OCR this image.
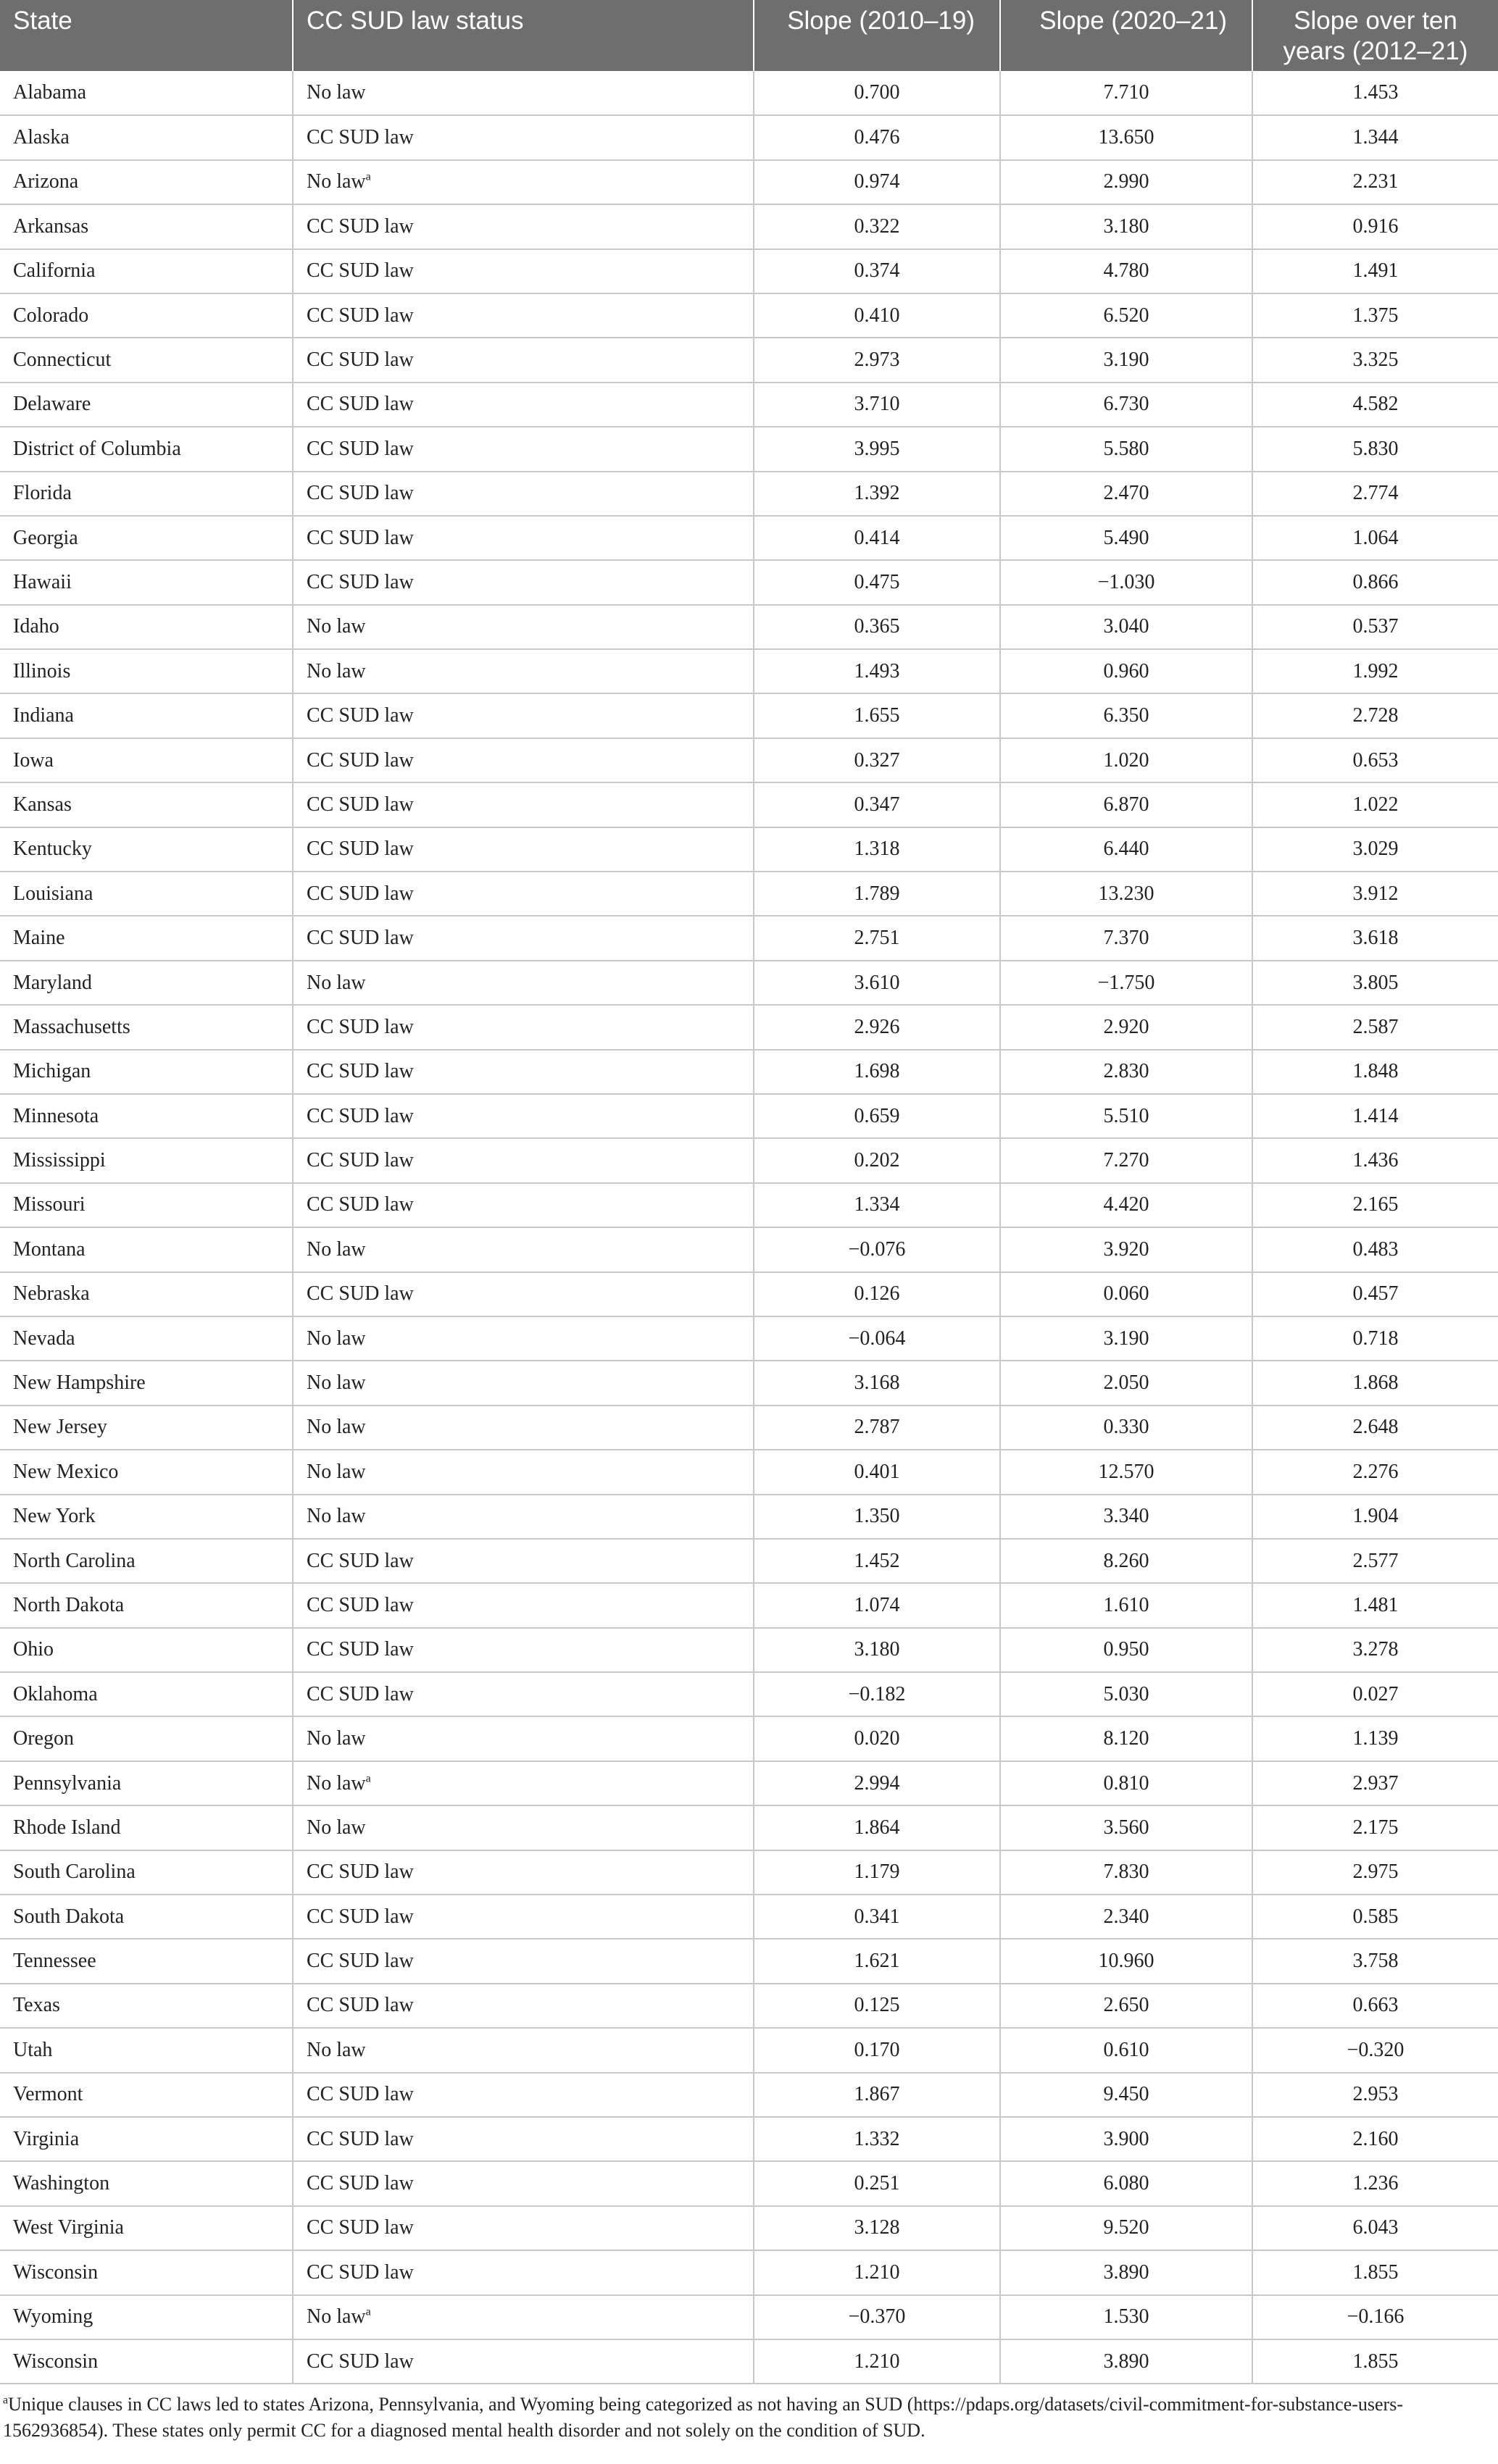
State	CC SUD law status	Slope (2010–19)	Slope (2020–21)	Slope over ten years (2012–21)
Alabama	No law	0.700	7.710	1.453
Alaska	CC SUD law	0.476	13.650	1.344
Arizona	No law$^a$	0.974	2.990	2.231
Arkansas	CC SUD law	0.322	3.180	0.916
California	CC SUD law	0.374	4.780	1.491
Colorado	CC SUD law	0.410	6.520	1.375
Connecticut	CC SUD law	2.973	3.190	3.325
Delaware	CC SUD law	3.710	6.730	4.582
District of Columbia	CC SUD law	3.995	5.580	5.830
Florida	CC SUD law	1.392	2.470	2.774
Georgia	CC SUD law	0.414	5.490	1.064
Hawaii	CC SUD law	0.475	−1.030	0.866
Idaho	No law	0.365	3.040	0.537
Illinois	No law	1.493	0.960	1.992
Indiana	CC SUD law	1.655	6.350	2.728
Iowa	CC SUD law	0.327	1.020	0.653
Kansas	CC SUD law	0.347	6.870	1.022
Kentucky	CC SUD law	1.318	6.440	3.029
Louisiana	CC SUD law	1.789	13.230	3.912
Maine	CC SUD law	2.751	7.370	3.618
Maryland	No law	3.610	−1.750	3.805
Massachusetts	CC SUD law	2.926	2.920	2.587
Michigan	CC SUD law	1.698	2.830	1.848
Minnesota	CC SUD law	0.659	5.510	1.414
Mississippi	CC SUD law	0.202	7.270	1.436
Missouri	CC SUD law	1.334	4.420	2.165
Montana	No law	−0.076	3.920	0.483
Nebraska	CC SUD law	0.126	0.060	0.457
Nevada	No law	−0.064	3.190	0.718
New Hampshire	No law	3.168	2.050	1.868
New Jersey	No law	2.787	0.330	2.648
New Mexico	No law	0.401	12.570	2.276
New York	No law	1.350	3.340	1.904
North Carolina	CC SUD law	1.452	8.260	2.577
North Dakota	CC SUD law	1.074	1.610	1.481
Ohio	CC SUD law	3.180	0.950	3.278
Oklahoma	CC SUD law	−0.182	5.030	0.027
Oregon	No law	0.020	8.120	1.139
Pennsylvania	No law$^a$	2.994	0.810	2.937
Rhode Island	No law	1.864	3.560	2.175
South Carolina	CC SUD law	1.179	7.830	2.975
South Dakota	CC SUD law	0.341	2.340	0.585
Tennessee	CC SUD law	1.621	10.960	3.758
Texas	CC SUD law	0.125	2.650	0.663
Utah	No law	0.170	0.610	−0.320
Vermont	CC SUD law	1.867	9.450	2.953
Virginia	CC SUD law	1.332	3.900	2.160
Washington	CC SUD law	0.251	6.080	1.236
West Virginia	CC SUD law	3.128	9.520	6.043
Wisconsin	CC SUD law	1.210	3.890	1.855
Wyoming	No law$^a$	−0.370	1.530	−0.166
Wisconsin	CC SUD law	1.210	3.890	1.855
$^a$Unique clauses in CC laws led to states Arizona, Pennsylvania, and Wyoming being categorized as not having an SUD (https://pdaps.org/datasets/civil-commitment-for-substance-users-1562936854). These states only permit CC for a diagnosed mental health disorder and not solely on the condition of SUD.
